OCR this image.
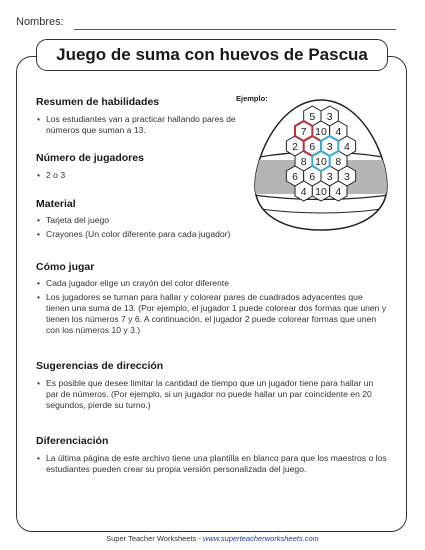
Nombres:
Juego de suma con huevos de Pascua
Resumen de habilidades
• Los estudiantes van a practicar hallando pares de números que suman a 13.
Número de jugadores
• 2 o 3
Material
• Tarjeta del juego
• Crayones (Un color diferente para cada jugador)
Cómo jugar
• Cada jugador elige un crayón del color diferente
• Los jugadores se turnan para hallar y colorear pares de cuadrados adyacentes que tienen una suma de 13. (Por ejemplo, el jugador 1 puede colorear dos formas que unen y tienen los números 7 y 6. A continuación, el jugador 2 puede colorear formas que unen con los números 10 y 3.)
Sugerencias de dirección
• Es posible que desee limitar la cantidad de tiempo que un jugador tiene para hallar un par de números. (Por ejemplo, si un jugador no puede hallar un par coincidente en 20 segundos, pierde su turno.)
Diferenciación
• La última página de este archivo tiene una plantilla en blanco para que los maestros o los estudiantes pueden crear su propia versión personalizada del juego.
Ejemplo:
5 3
7 10 4
2 6 3 4
8 10 8
6 6 3 3
4 10 4
Super Teacher Worksheets - www.superteacherworksheets.com
